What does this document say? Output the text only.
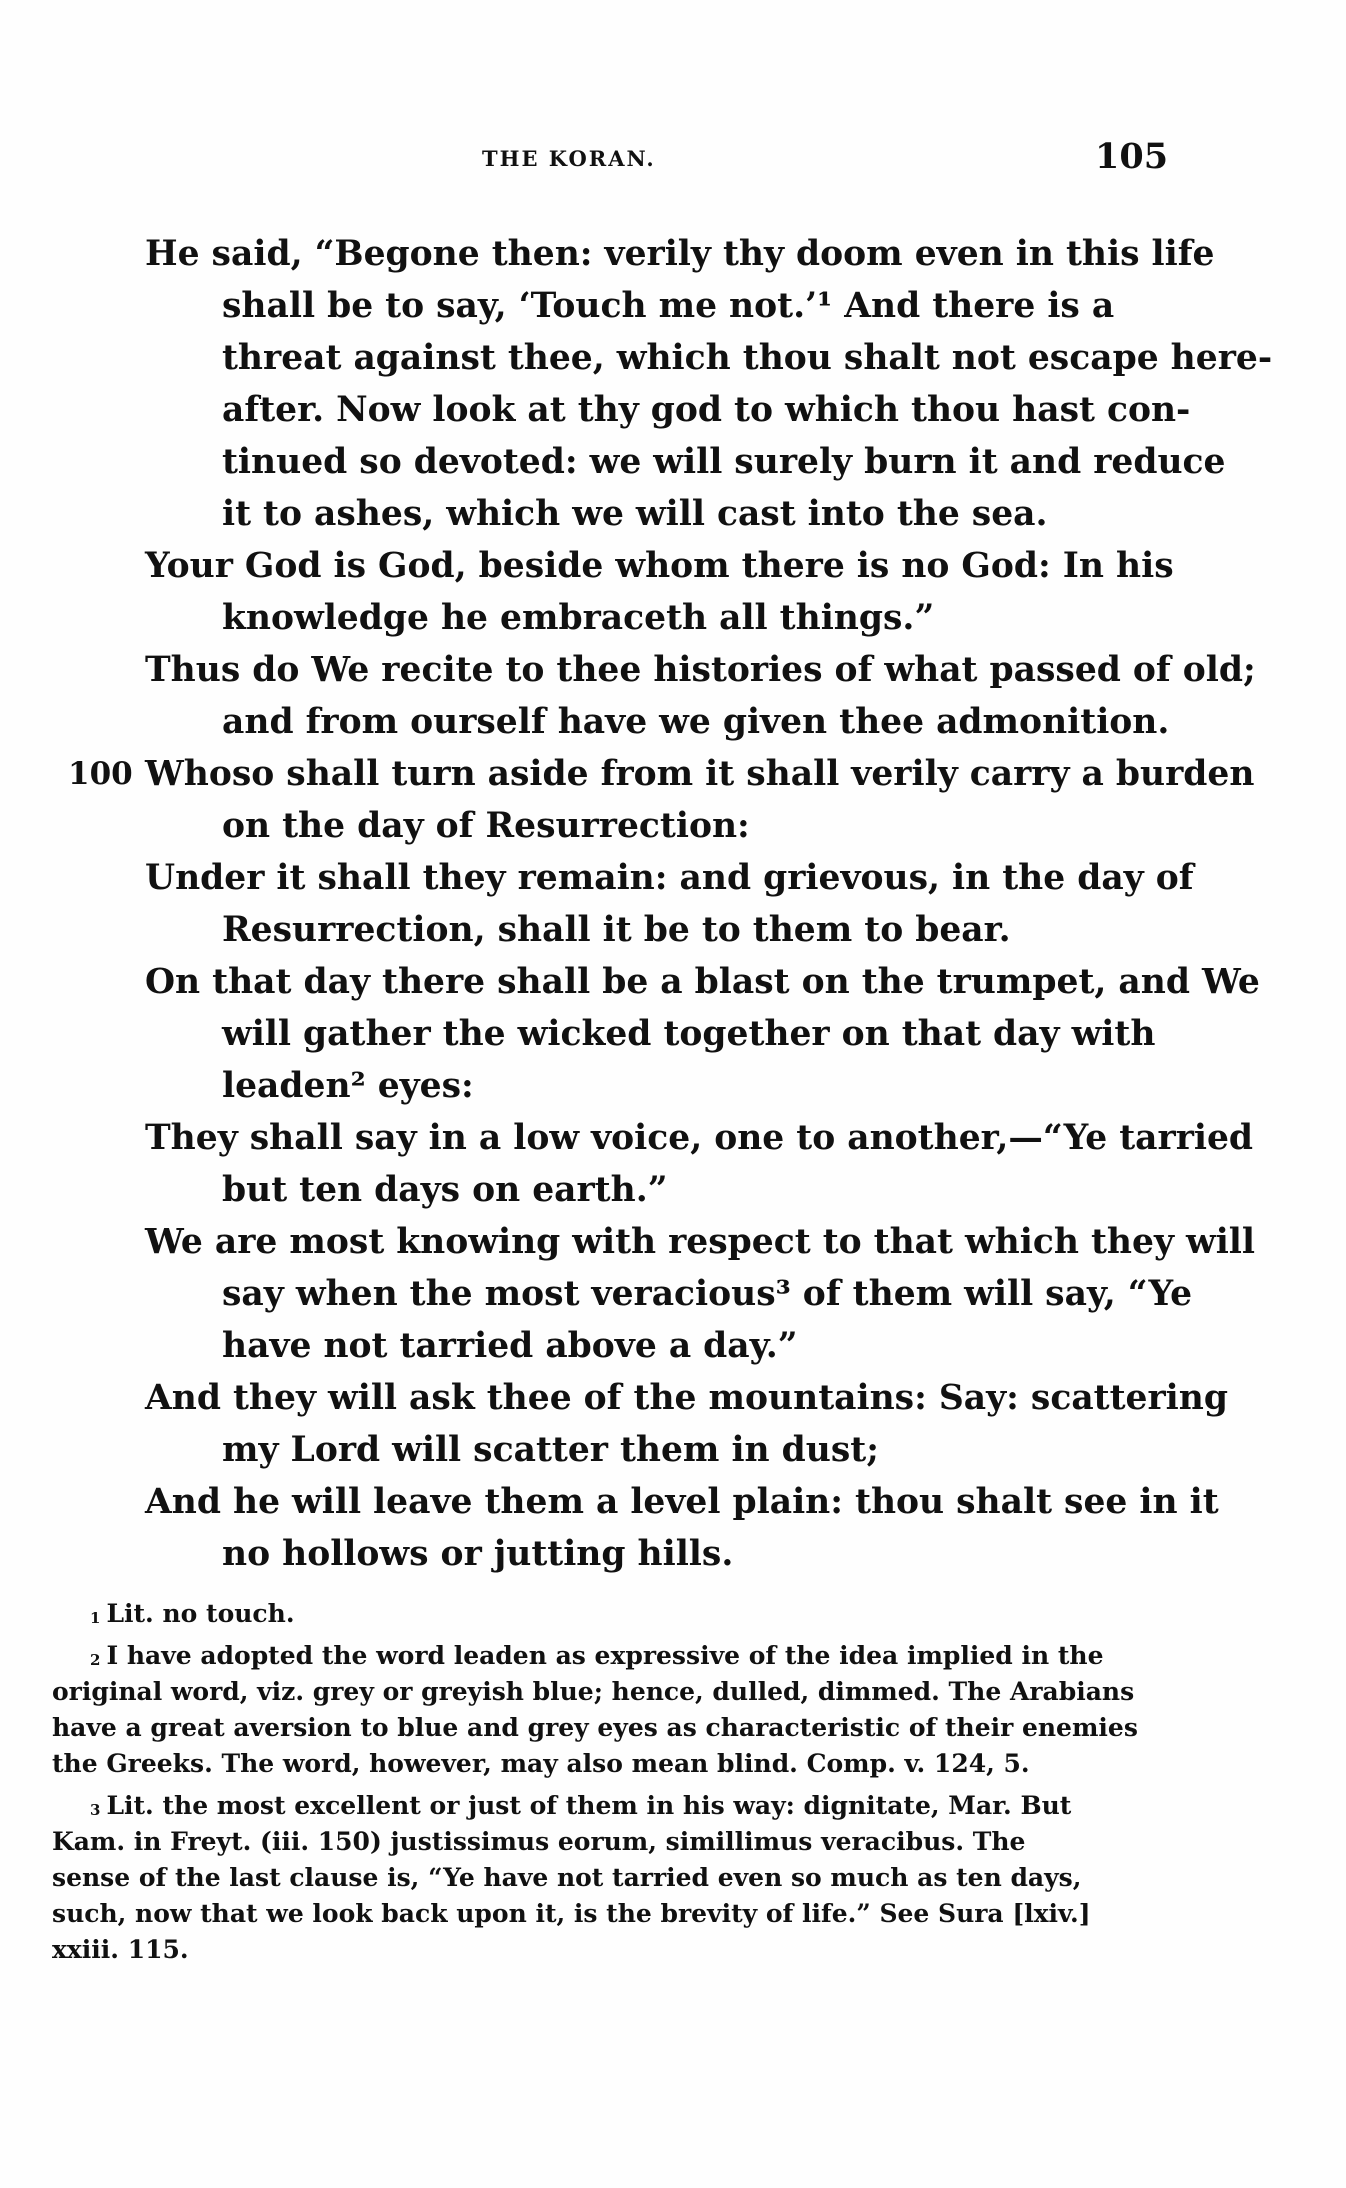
THE KORAN.	105
He said, “Begone then: verily thy doom even in this life
shall be to say, ‘Touch me not.’¹ And there is a
threat against thee, which thou shalt not escape here-
after. Now look at thy god to which thou hast con-
tinued so devoted: we will surely burn it and reduce
it to ashes, which we will cast into the sea.
Your God is God, beside whom there is no God: In his
knowledge he embraceth all things.”
Thus do We recite to thee histories of what passed of old;
and from ourself have we given thee admonition.
100 Whoso shall turn aside from it shall verily carry a burden
on the day of Resurrection:
Under it shall they remain: and grievous, in the day of
Resurrection, shall it be to them to bear.
On that day there shall be a blast on the trumpet, and We
will gather the wicked together on that day with
leaden² eyes:
They shall say in a low voice, one to another,—“Ye tarried
but ten days on earth.”
We are most knowing with respect to that which they will
say when the most veracious³ of them will say, “Ye
have not tarried above a day.”
And they will ask thee of the mountains: Say: scattering
my Lord will scatter them in dust;
And he will leave them a level plain: thou shalt see in it
no hollows or jutting hills.
$^1$ Lit. no touch.
$^2$ I have adopted the word leaden as expressive of the idea implied in the
original word, viz. grey or greyish blue; hence, dulled, dimmed. The Arabians
have a great aversion to blue and grey eyes as characteristic of their enemies
the Greeks. The word, however, may also mean blind. Comp. v. 124, 5.
$^3$ Lit. the most excellent or just of them in his way: dignitate, Mar. But
Kam. in Freyt. (iii. 150) justissimus eorum, simillimus veracibus. The
sense of the last clause is, “Ye have not tarried even so much as ten days,
such, now that we look back upon it, is the brevity of life.” See Sura [lxiv.]
xxiii. 115.
